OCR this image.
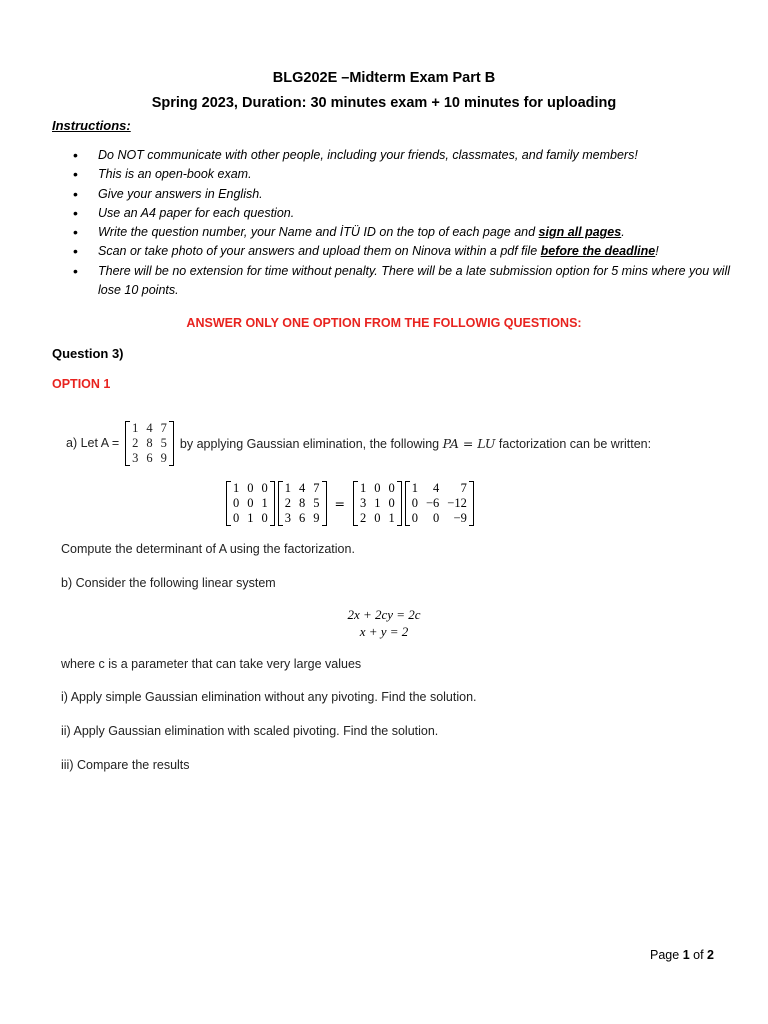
BLG202E –Midterm Exam Part B
Spring 2023, Duration: 30 minutes exam + 10 minutes for uploading
Instructions:
• Do NOT communicate with other people, including your friends, classmates, and family members!
• This is an open-book exam.
• Give your answers in English.
• Use an A4 paper for each question.
• Write the question number, your Name and İTÜ ID on the top of each page and sign all pages.
• Scan or take photo of your answers and upload them on Ninova within a pdf file before the deadline!
• There will be no extension for time without penalty. There will be a late submission option for 5 mins where you will lose 10 points.
ANSWER ONLY ONE OPTION FROM THE FOLLOWIG QUESTIONS:
Question 3)
OPTION 1
a) Let A =
1	4	7
2	8	5
3	6	9
by applying Gaussian elimination, the following PA = LU factorization can be written:
1	0	0
0	0	1
0	1	0
1	4	7
2	8	5
3	6	9
=
1	0	0
3	1	0
2	0	1
1	4	7
0	−6	−12
0	0	−9
Compute the determinant of A using the factorization.
b) Consider the following linear system
2x + 2cy = 2c
x + y = 2
where c is a parameter that can take very large values
i) Apply simple Gaussian elimination without any pivoting. Find the solution.
ii) Apply Gaussian elimination with scaled pivoting. Find the solution.
iii) Compare the results
Page 1 of 2
